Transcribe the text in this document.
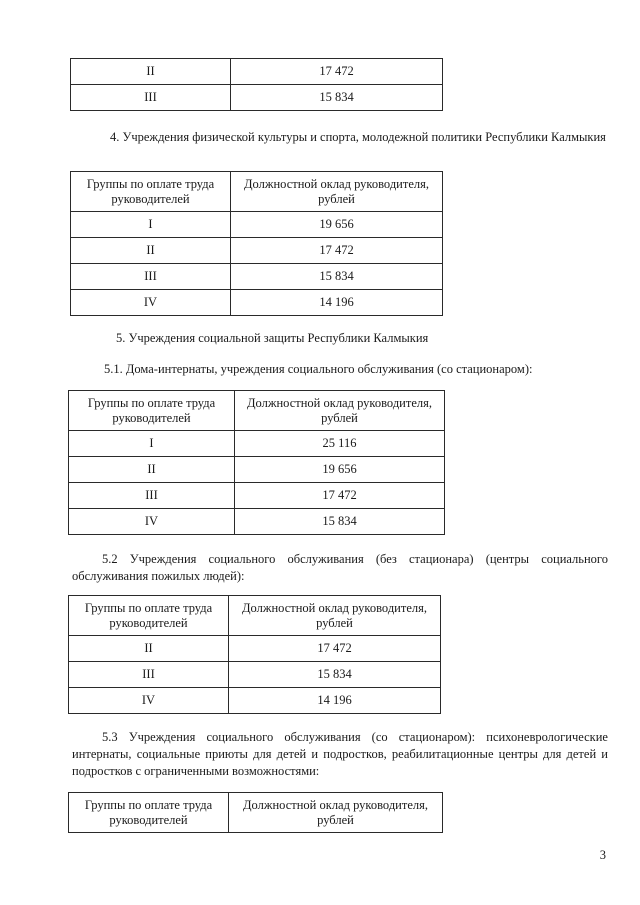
II	17 472
III	15 834

4. Учреждения физической культуры и спорта, молодежной политики Республики Калмыкия

Группы по оплате труда руководителей	Должностной оклад руководителя, рублей
I	19 656
II	17 472
III	15 834
IV	14 196

5. Учреждения социальной защиты Республики Калмыкия

5.1. Дома-интернаты, учреждения социального обслуживания (со стационаром):

Группы по оплате труда руководителей	Должностной оклад руководителя, рублей
I	25 116
II	19 656
III	17 472
IV	15 834

5.2 Учреждения социального обслуживания (без стационара) (центры социального обслуживания пожилых людей):

Группы по оплате труда руководителей	Должностной оклад руководителя, рублей
II	17 472
III	15 834
IV	14 196

5.3 Учреждения социального обслуживания (со стационаром): психоневрологические интернаты, социальные приюты для детей и подростков, реабилитационные центры для детей и подростков с ограниченными возможностями:

Группы по оплате труда руководителей	Должностной оклад руководителя, рублей
3
